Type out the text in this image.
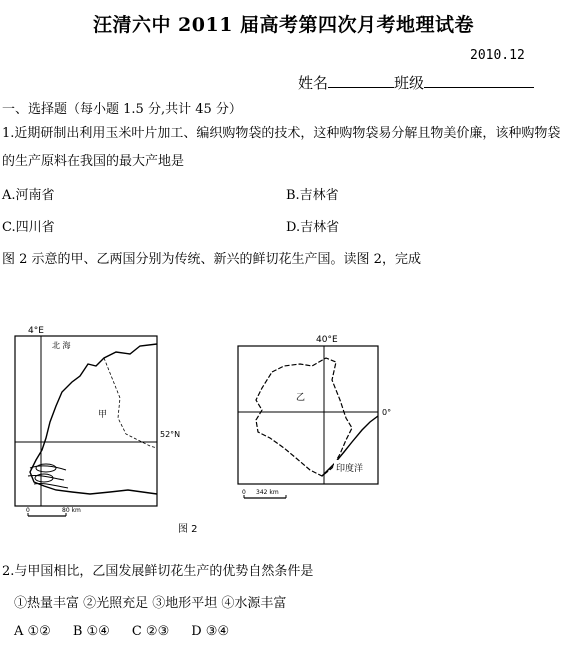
汪清六中 2011 届高考第四次月考地理试卷
2010.12
姓名	班级
一、选择题（每小题 1.5 分,共计 45 分）
1.近期研制出利用玉米叶片加工、编织购物袋的技术，这种购物袋易分解且物美价廉，该种购物袋的生产原料在我国的最大产地是
A.河南省	B.吉林省
C.四川省	D.吉林省
图 2 示意的甲、乙两国分别为传统、新兴的鲜切花生产国。读图 2，完成
4°E
52°N
北 海
甲
0	80 km
40°E
0°
乙
印度洋
0 342 km
图 2
2.与甲国相比，乙国发展鲜切花生产的优势自然条件是
①热量丰富 ②光照充足 ③地形平坦 ④水源丰富
A ①② B ①④ C ②③ D ③④
